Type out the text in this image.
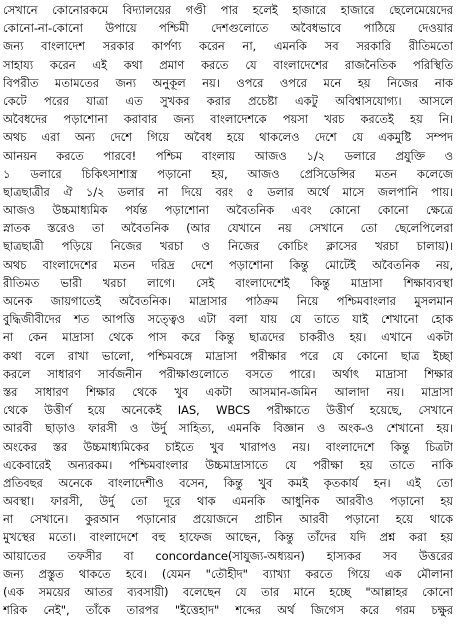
সেখানে কোনোরকমে বিদ্যালয়ের গণ্ডী পার হলেই হাজারে হাজারে ছেলেমেয়েদের
কোনো-না-কোনো উপায়ে পশ্চিমী দেশগুলোতে অবৈধভাবে পাঠিয়ে দেওয়ার
জন্য বাংলাদেশ সরকার কার্পণ্য করেন না, এমনকি সব সরকারি রীতিমতো
সাহায্য করেন এই কথা প্রমাণ করতে যে বাংলাদেশের রাজনৈতিক পরিস্থিতি
বিপরীত মতামতের জন্য অনুকূল নয়। ওপরে ওপরে মনে হয় নিজের নাক
কেটে পরের যাত্রা এত সুখকর করার প্রচেষ্টা একটু অবিশ্বাসযোগ্য। আসলে
অবৈধদের পড়াশোনা করাবার জন্য বাংলাদেশকে পয়সা খরচ করতেই হয় নি।
অথচ এরা অন্য দেশে গিয়ে অবৈধ হয়ে থাকলেও দেশে যে একমুষ্টি সম্পদ
আনয়ন করতে পারবে! পশ্চিম বাংলায় আজও ১/২ ডলারে প্রযুক্তি ও
১ ডলারে চিকিৎসাশাস্ত্র পড়ানো হয়, আজও প্রেসিডেন্সির মতন কলেজে
ছাত্রছাত্রীর ঐ ১/২ ডলার না দিয়ে বরং ৫ ডলার অর্থে মাসে জলপানি পায়।
আজও উচ্চমাধ্যমিক পর্যন্ত পড়াশোনা অবৈতনিক এবং কোনো কোনো ক্ষেত্রে
স্নাতক স্তরেও তা অবৈতনিক (আর যেখানে নয় সেখানে তো ছেলেপিলেরা
ছাত্রছাত্রী পড়িয়ে নিজের খরচা ও নিজের কোচিং ক্লাসের খরচা চালায়)।
অথচ বাংলাদেশের মতন দরিদ্র দেশে পড়াশোনা কিন্তু মোটেই অবৈতনিক নয়,
রীতিমত ভারী খরচা লাগে। সেই বাংলাদেশেই কিন্তু মাদ্রাসা শিক্ষাব্যবস্থা
অনেক জায়গাতেই অবৈতনিক। মাদ্রাসার পাঠক্রম নিয়ে পশ্চিমবাংলার মুসলমান
বুদ্ধিজীবীদের শত আপত্তি সত্ত্বেও এটা বলা যায় যে তাতে যাই শেখানো হোক
না কেন মাদ্রাসা থেকে পাস করে কিন্তু ছাত্রদের চাকরীও হয়। এখানে একটা
কথা বলে রাখা ভালো, পশ্চিমবঙ্গে মাদ্রাসা পরীক্ষার পরে যে কোনো ছাত্র ইচ্ছা
করলে সাধারণ সার্বজনীন পরীক্ষাগুলোতে বসতে পারে। অর্থাৎ মাদ্রাসা শিক্ষার
স্তর সাধারণ শিক্ষার থেকে খুব একটা আসমান-জমিন আলাদা নয়। মাদ্রাসা
থেকে উত্তীর্ণ হয়ে অনেকেই IAS, WBCS পরীক্ষাতে উত্তীর্ণ হয়েছে, সেখানে
আরবী ছাড়াও ফারসী ও উর্দু সাহিত্য, এমনকি বিজ্ঞান ও অংক-ও শেখানো হয়।
অংকের স্তর উচ্চমাধ্যমিকের চাইতে খুব খারাপও নয়। বাংলাদেশে কিন্তু চিত্রটা
একেবারেই অন্যরকম। পশ্চিমবাংলার উচ্চমাদ্রাসাতে যে পরীক্ষা হয় তাতে নাকি
প্রতিবছর অনেকে বাংলাদেশীও বসেন, কিন্তু খুব কমই কৃতকার্য হন। এই তো
অবস্থা। ফারসী, উর্দু তো দূরে থাক এমনকি আধুনিক আরবীও পড়ানো হয়
না সেখানে। কুরআন পড়ানোর প্রয়োজনে প্রাচীন আরবী পড়ানো হয়ে থাকে
মুখস্থের মতো। বাংলাদেশে বহু হাফেজ আছেন, কিন্তু তাঁদের যদি প্রশ্ন করা হয়
আয়াতের তফসীর বা concordance(সাযুজ্য-অধ্যয়ন) হাস্যকর সব উত্তরের
জন্য প্রস্তুত থাকতে হবে। (যেমন "তৌহীদ" ব্যাখ্যা করতে গিয়ে এক মৌলানা
(এক সময়ের আতর ব্যবসায়ী) বলেছেন যে তার মানে হচ্ছে "আল্লাহর কোনো
শরিক নেই", তাঁকে তারপর "ইত্তেহাদ" শব্দের অর্থ জিগেস করে গরম চক্ষুর
